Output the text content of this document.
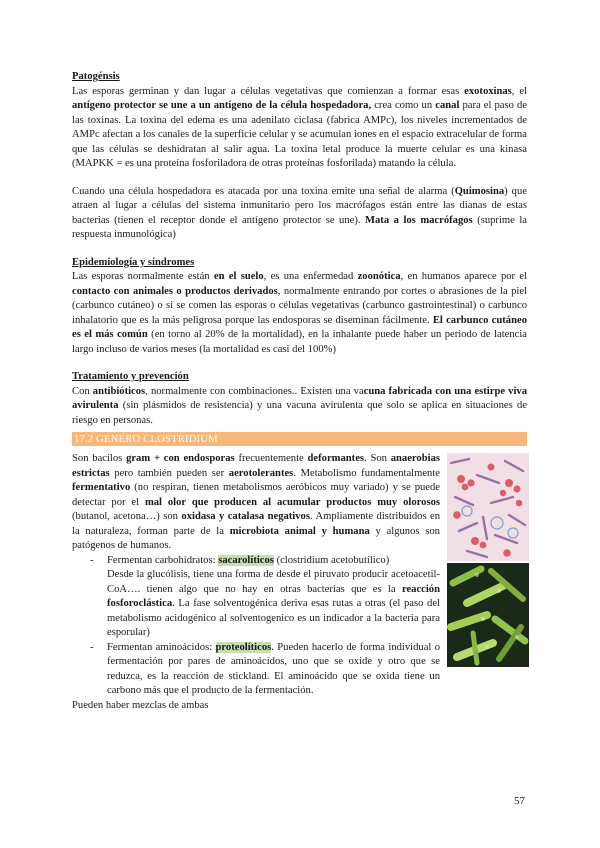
Patogénsis

Las esporas germinan y dan lugar a células vegetativas que comienzan a formar esas exotoxinas, el antígeno protector se une a un antígeno de la célula hospedadora, crea como un canal para el paso de las toxinas. La toxina del edema es una adenilato ciclasa (fabrica AMPc), los niveles incrementados de AMPc afectan a los canales de la superficie celular y se acumulan iones en el espacio extracelular de forma que las células se deshidratan al salir agua. La toxina letal produce la muerte celular es una kinasa (MAPKK = es una proteína fosforiladora de otras proteínas fosforilada) matando la célula.

Cuando una célula hospedadora es atacada por una toxina emite una señal de alarma (Quimosina) que atraen al lugar a células del sistema inmunitario pero los macrófagos están entre las dianas de estas bacterias (tienen el receptor donde el antígeno protector se une). Mata a los macrófagos (suprime la respuesta inmunológica)

Epidemiología y síndromes

Las esporas normalmente están en el suelo, es una enfermedad zoonótica, en humanos aparece por el contacto con animales o productos derivados, normalmente entrando por cortes o abrasiones de la piel (carbunco cutáneo) o si se comen las esporas o células vegetativas (carbunco gastrointestinal) o carbunco inhalatorio que es la más peligrosa porque las endosporas se diseminan fácilmente. El carbunco cutáneo es el más común (en torno al 20% de la mortalidad), en la inhalante puede haber un periodo de latencia largo incluso de varios meses (la mortalidad es casi del 100%)

Tratamiento y prevención

Con antibióticos, normalmente con combinaciones.. Existen una vacuna fabricada con una estirpe viva avirulenta (sin plásmidos de resistencia) y una vacuna avirulenta que solo se aplica en situaciones de riesgo en personas.

17.2 GENERO CLOSTRIDIUM

Son bacilos gram + con endosporas frecuentemente deformantes. Son anaerobias estrictas pero también pueden ser aerotolerantes. Metabolismo fundamentalmente fermentativo (no respiran, tienen metabolismos aeróbicos muy variado) y se puede detectar por el mal olor que producen al acumular productos muy olorosos (butanol, acetona…) son oxidasa y catalasa negativos. Ampliamente distribuidos en la naturaleza, forman parte de la microbiota animal y humana y algunos son patógenos de humanos.

- Fermentan carbohidratos: sacarolíticos (clostridium acetobutílico)

Desde la glucólisis, tiene una forma de desde el piruvato producir acetoacetil-CoA…. tienen algo que no hay en otras bacterias que es la reacción fosforoclástica. La fase solventogénica deriva esas rutas a otras (el paso del metabolismo acidogénico al solventogenico es un indicador a la bacteria para esporular)

- Fermentan aminoácidos: proteolíticos. Pueden hacerlo de forma individual o fermentación por pares de aminoácidos, uno que se oxide y otro que se reduzca, es la reacción de stickland. El aminoácido que se oxida tiene un carbono más que el producto de la fermentación.

Pueden haber mezclas de ambas

57
